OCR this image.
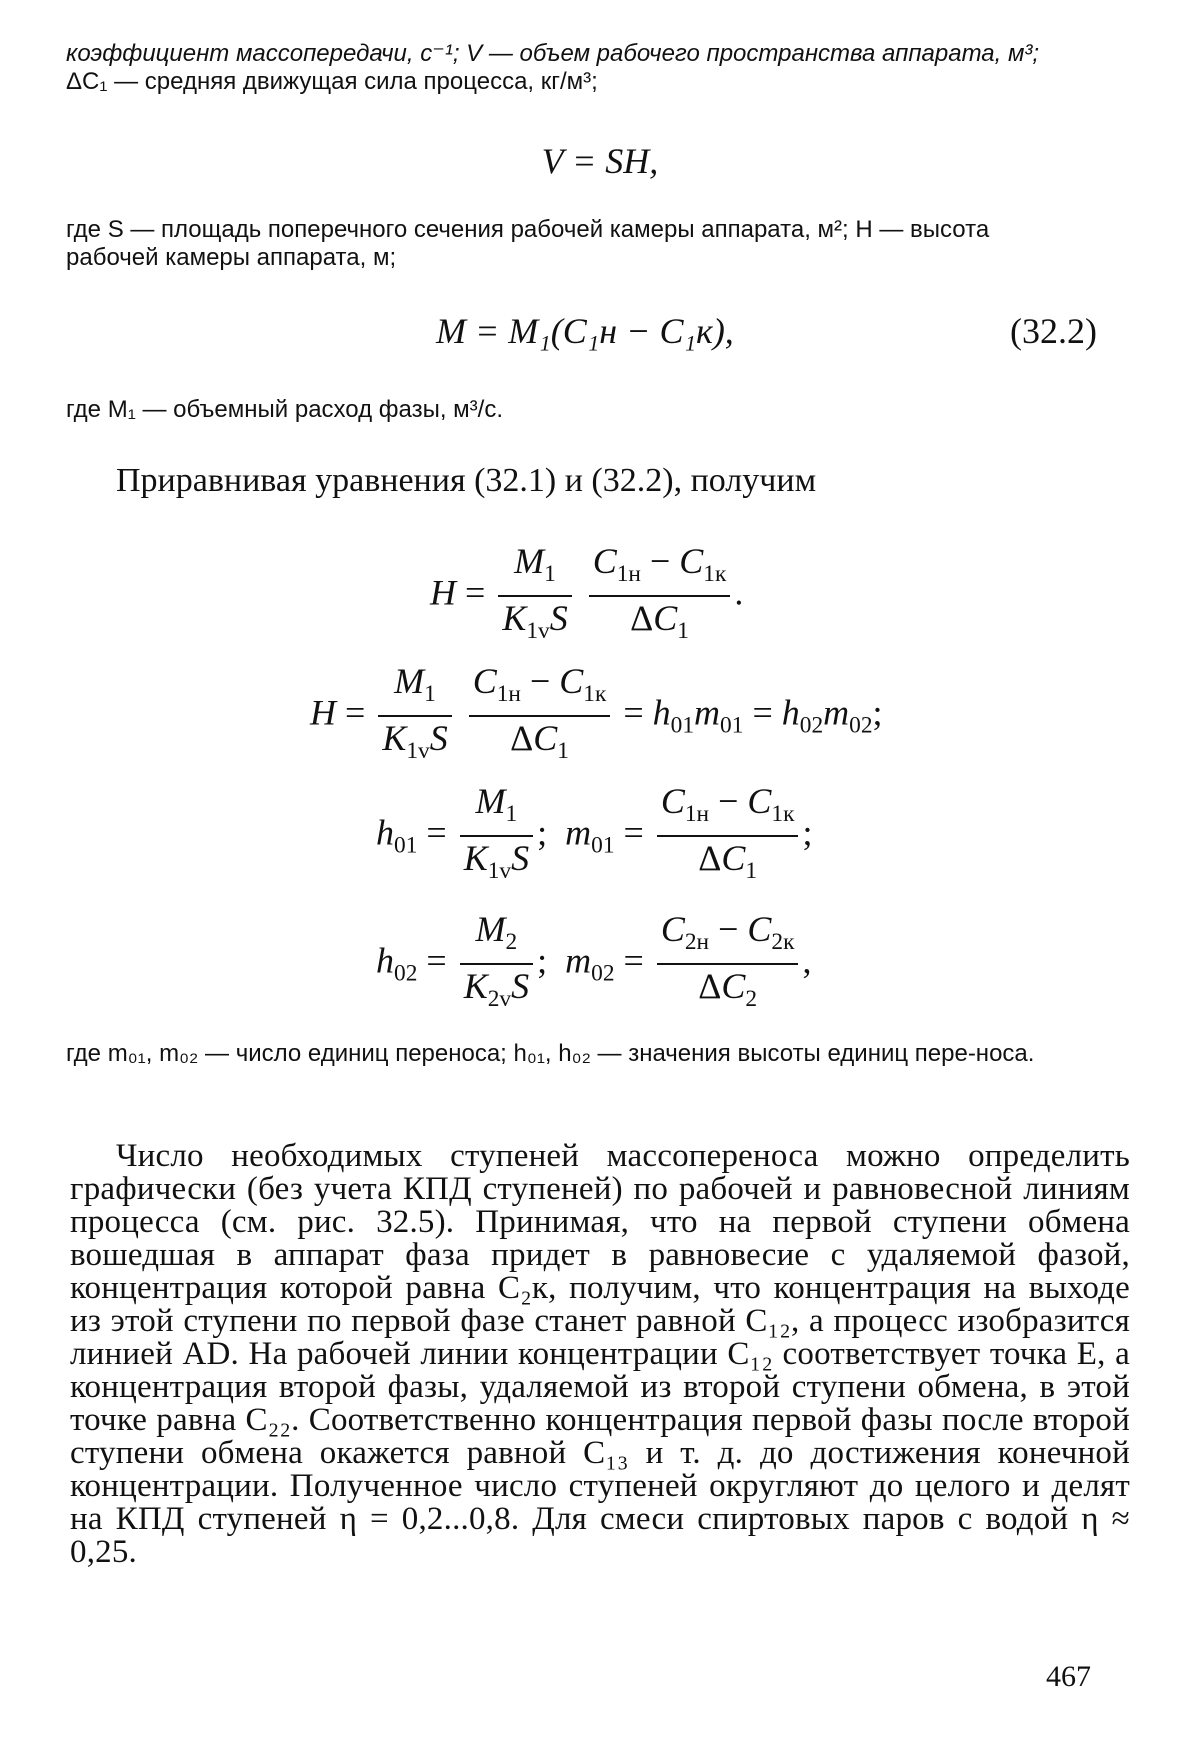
коэффициент массопередачи, с⁻¹; V — объем рабочего пространства аппарата, м³;
ΔC₁ — средняя движущая сила процесса, кг/м³;
V = SH,
где S — площадь поперечного сечения рабочей камеры аппарата, м²; H — высота
рабочей камеры аппарата, м;
M = M₁(C₁н − C₁к),	(32.2)
где M₁ — объемный расход фазы, м³/с.
Приравнивая уравнения (32.1) и (32.2), получим
$H = \frac{M_1}{K_{1v}S}$
$\frac{C_{1н} - C_{1к}}{\Delta C_1}$ .
$H = \frac{M_1}{K_{1v}S}$
$\frac{C_{1н} - C_{1к}}{\Delta C_1} = h_{01}m_{01} = h_{02}m_{02}$;
$h_{01} = \frac{M_1}{K_{1v}S}$ ;  $m_{01} = \frac{C_{1н} - C_{1к}}{\Delta C_1}$ ;
$h_{02} = \frac{M_2}{K_{2v}S}$ ;  $m_{02} = \frac{C_{2н} - C_{2к}}{\Delta C_2}$ ,
где m₀₁, m₀₂ — число единиц переноса; h₀₁, h₀₂ — значения высоты единиц пере-носа.
Число необходимых ступеней массопереноса можно определить графически (без учета КПД ступеней) по рабочей и равновесной линиям процесса (см. рис. 32.5). Принимая, что на первой ступени обмена вошедшая в аппарат фаза придет в равновесие с удаляемой фазой, концентрация которой равна C₂к, получим, что концентрация на выходе из этой ступени по первой фазе станет равной C₁₂, а процесс изобразится линией AD. На рабочей линии концентрации C₁₂ соответствует точка E, а концентрация второй фазы, удаляемой из второй ступени обмена, в этой точке равна C₂₂. Соответственно концентрация первой фазы после второй ступени обмена окажется равной C₁₃ и т. д. до достижения конечной концентрации. Полученное число ступеней округляют до целого и делят на КПД ступеней η = 0,2...0,8. Для смеси спиртовых паров с водой η ≈ 0,25.
467
